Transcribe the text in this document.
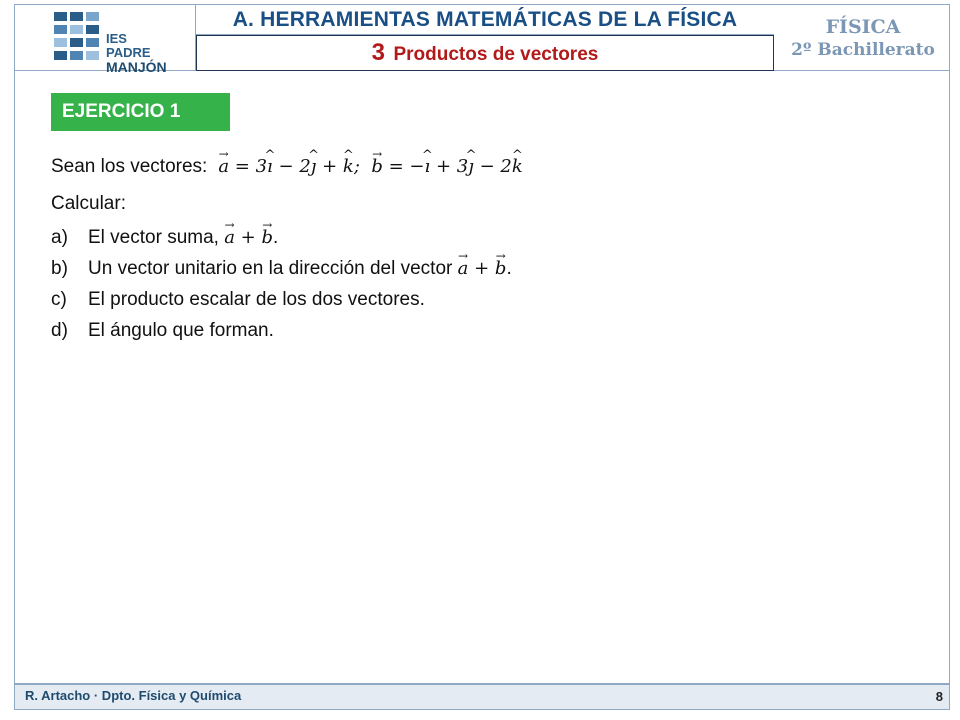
IES PADRE
MANJÓN
A. HERRAMIENTAS MATEMÁTICAS DE LA FÍSICA
3 Productos de vectores
FÍSICA
2º Bachillerato
EJERCICIO 1
Sean los vectores: → a = 3^ ı − 2^ ȷ + ^ k;  → b = −^ ı + 3^ ȷ − 2^ k
Calcular:
a) El vector suma, → a + → b.
b) Un vector unitario en la dirección del vector → a + → b.
c) El producto escalar de los dos vectores.
d) El ángulo que forman.
R. Artacho · Dpto. Física y Química	8
